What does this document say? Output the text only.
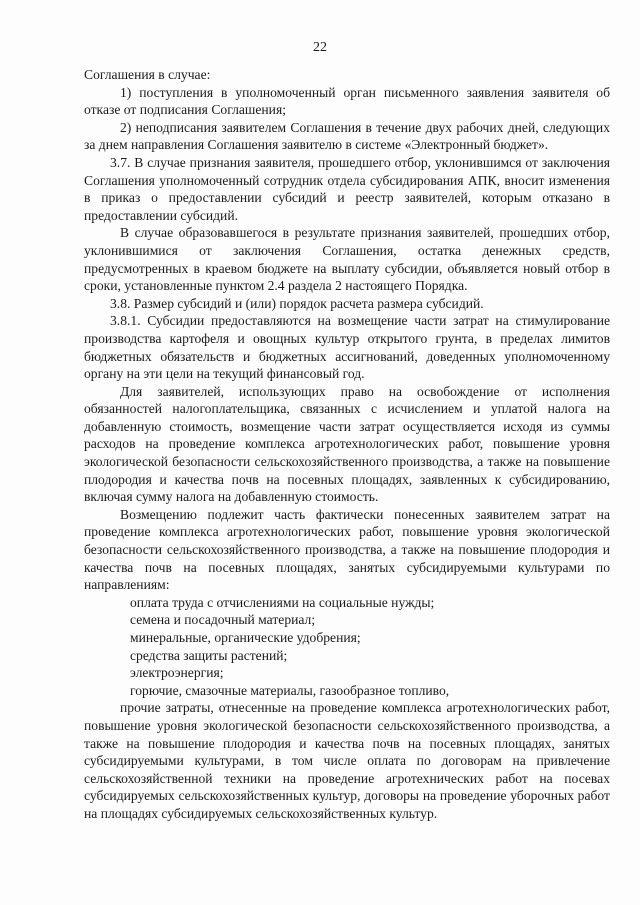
22

Соглашения в случае:

1) поступления в уполномоченный орган письменного заявления заявителя об отказе от подписания Соглашения;

2) неподписания заявителем Соглашения в течение двух рабочих дней, следующих за днем направления Соглашения заявителю в системе «Электронный бюджет».

3.7. В случае признания заявителя, прошедшего отбор, уклонившимся от заключения Соглашения уполномоченный сотрудник отдела субсидирования АПК, вносит изменения в приказ о предоставлении субсидий и реестр заявителей, которым отказано в предоставлении субсидий.

В случае образовавшегося в результате признания заявителей, прошедших отбор, уклонившимися от заключения Соглашения, остатка денежных средств, предусмотренных в краевом бюджете на выплату субсидии, объявляется новый отбор в сроки, установленные пунктом 2.4 раздела 2 настоящего Порядка.

3.8. Размер субсидий и (или) порядок расчета размера субсидий.

3.8.1. Субсидии предоставляются на возмещение части затрат на стимулирование производства картофеля и овощных культур открытого грунта, в пределах лимитов бюджетных обязательств и бюджетных ассигнований, доведенных уполномоченному органу на эти цели на текущий финансовый год.

Для заявителей, использующих право на освобождение от исполнения обязанностей налогоплательщика, связанных с исчислением и уплатой налога на добавленную стоимость, возмещение части затрат осуществляется исходя из суммы расходов на проведение комплекса агротехнологических работ, повышение уровня экологической безопасности сельскохозяйственного производства, а также на повышение плодородия и качества почв на посевных площадях, заявленных к субсидированию, включая сумму налога на добавленную стоимость.

Возмещению подлежит часть фактически понесенных заявителем затрат на проведение комплекса агротехнологических работ, повышение уровня экологической безопасности сельскохозяйственного производства, а также на повышение плодородия и качества почв на посевных площадях, занятых субсидируемыми культурами по направлениям:

оплата труда с отчислениями на социальные нужды;

семена и посадочный материал;

минеральные, органические удобрения;

средства защиты растений;

электроэнергия;

горючие, смазочные материалы, газообразное топливо,

прочие затраты, отнесенные на проведение комплекса агротехнологических работ, повышение уровня экологической безопасности сельскохозяйственного производства, а также на повышение плодородия и качества почв на посевных площадях, занятых субсидируемыми культурами, в том числе оплата по договорам на привлечение сельскохозяйственной техники на проведение агротехнических работ на посевах субсидируемых сельскохозяйственных культур, договоры на проведение уборочных работ на площадях субсидируемых сельскохозяйственных культур.
